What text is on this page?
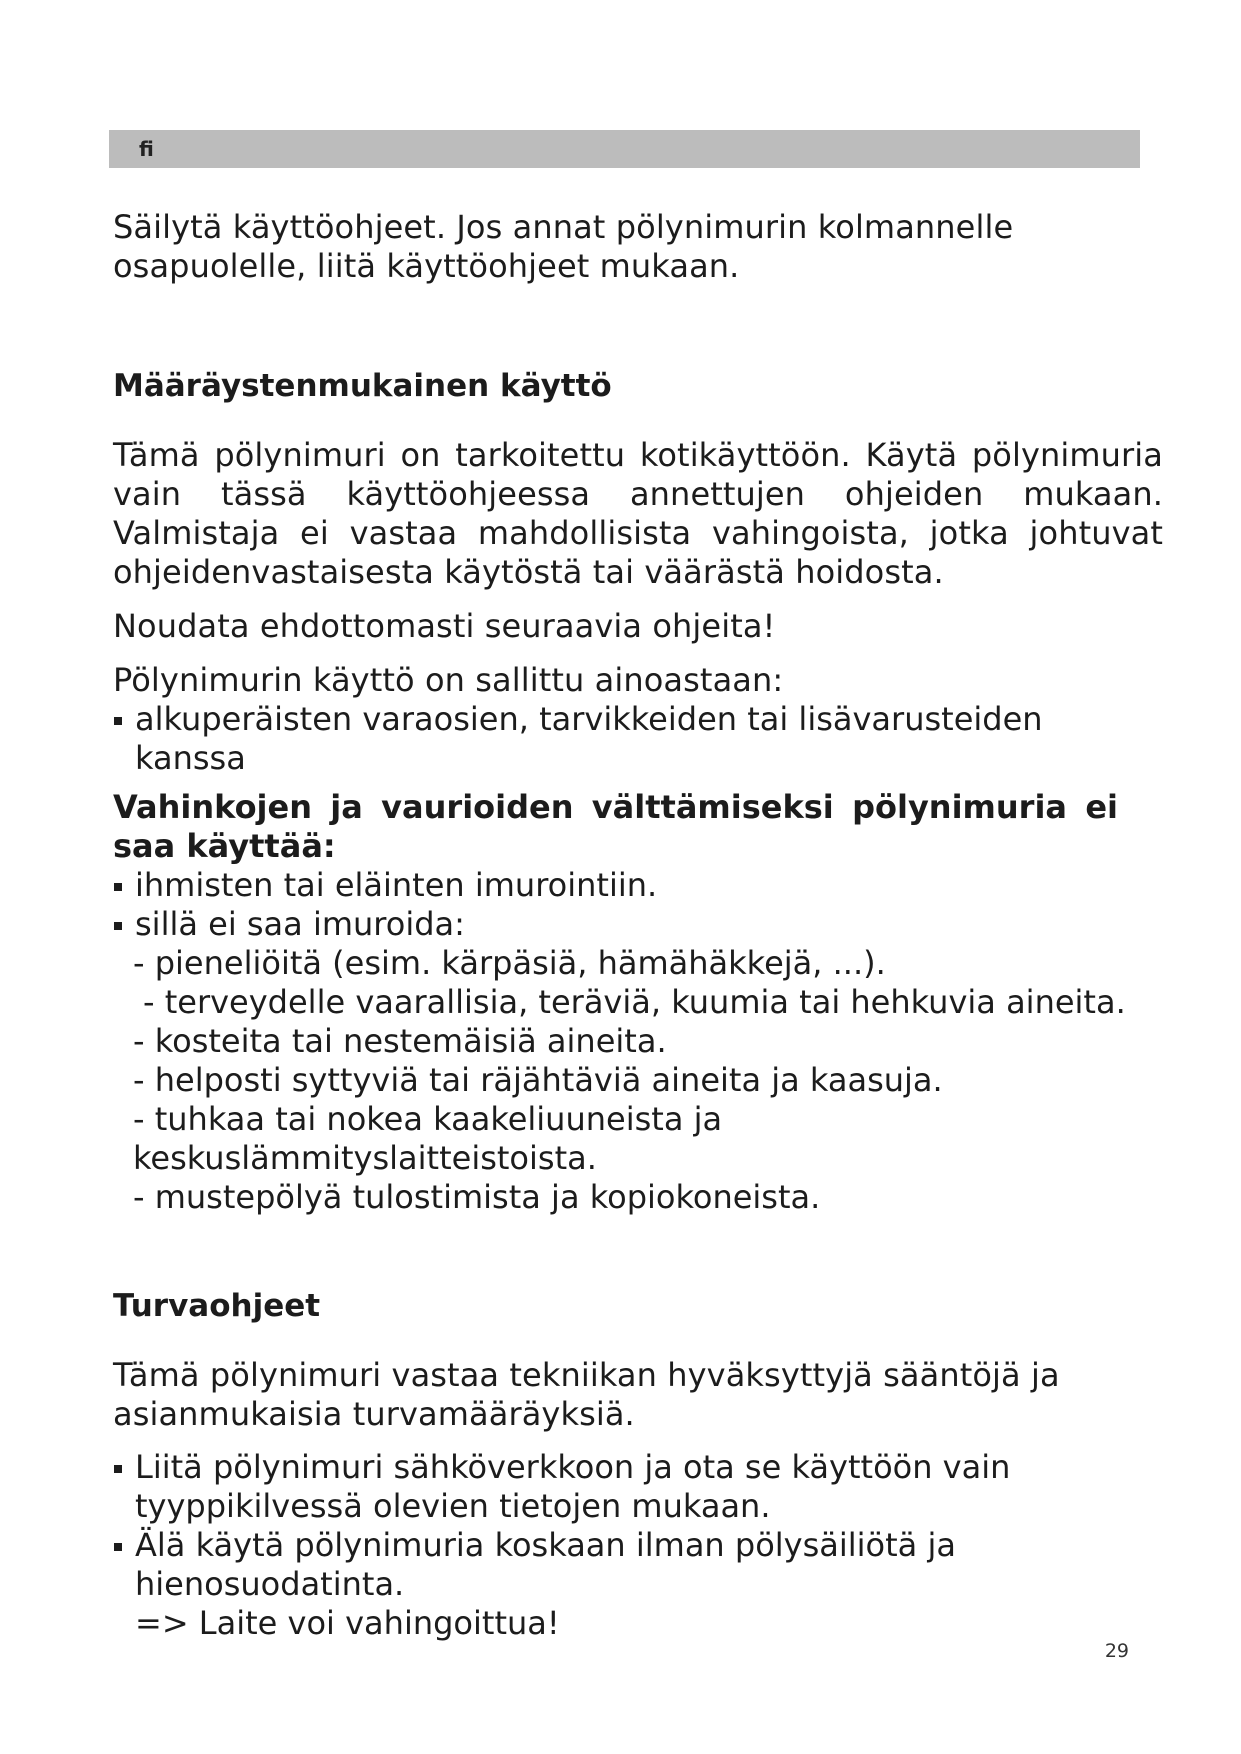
fi

Säilytä käyttöohjeet. Jos annat pölynimurin kolmannelle osapuolelle, liitä käyttöohjeet mukaan.

Määräystenmukainen käyttö

Tämä pölynimuri on tarkoitettu kotikäyttöön. Käytä pölynimuria vain tässä käyttöohjeessa annettujen ohjeiden mukaan. Valmistaja ei vastaa mahdollisista vahingoista, jotka johtuvat ohjeidenvastaisesta käytöstä tai väärästä hoidosta.

Noudata ehdottomasti seuraavia ohjeita!

Pölynimurin käyttö on sallittu ainoastaan:

alkuperäisten varaosien, tarvikkeiden tai lisävarusteiden kanssa

Vahinkojen ja vaurioiden välttämiseksi pölynimuria ei saa käyttää:

ihmisten tai eläinten imurointiin.

sillä ei saa imuroida:

- pieneliöitä (esim. kärpäsiä, hämähäkkejä, ...).

- terveydelle vaarallisia, teräviä, kuumia tai hehkuvia aineita.

- kosteita tai nestemäisiä aineita.

- helposti syttyviä tai räjähtäviä aineita ja kaasuja.

- tuhkaa tai nokea kaakeliuuneista ja keskuslämmityslaitteistoista.

- mustepölyä tulostimista ja kopiokoneista.

Turvaohjeet

Tämä pölynimuri vastaa tekniikan hyväksyttyjä sääntöjä ja asianmukaisia turvamääräyksiä.

Liitä pölynimuri sähköverkkoon ja ota se käyttöön vain tyyppikilvessä olevien tietojen mukaan.

Älä käytä pölynimuria koskaan ilman pölysäiliötä ja hienosuodatinta.

=> Laite voi vahingoittua!

29
